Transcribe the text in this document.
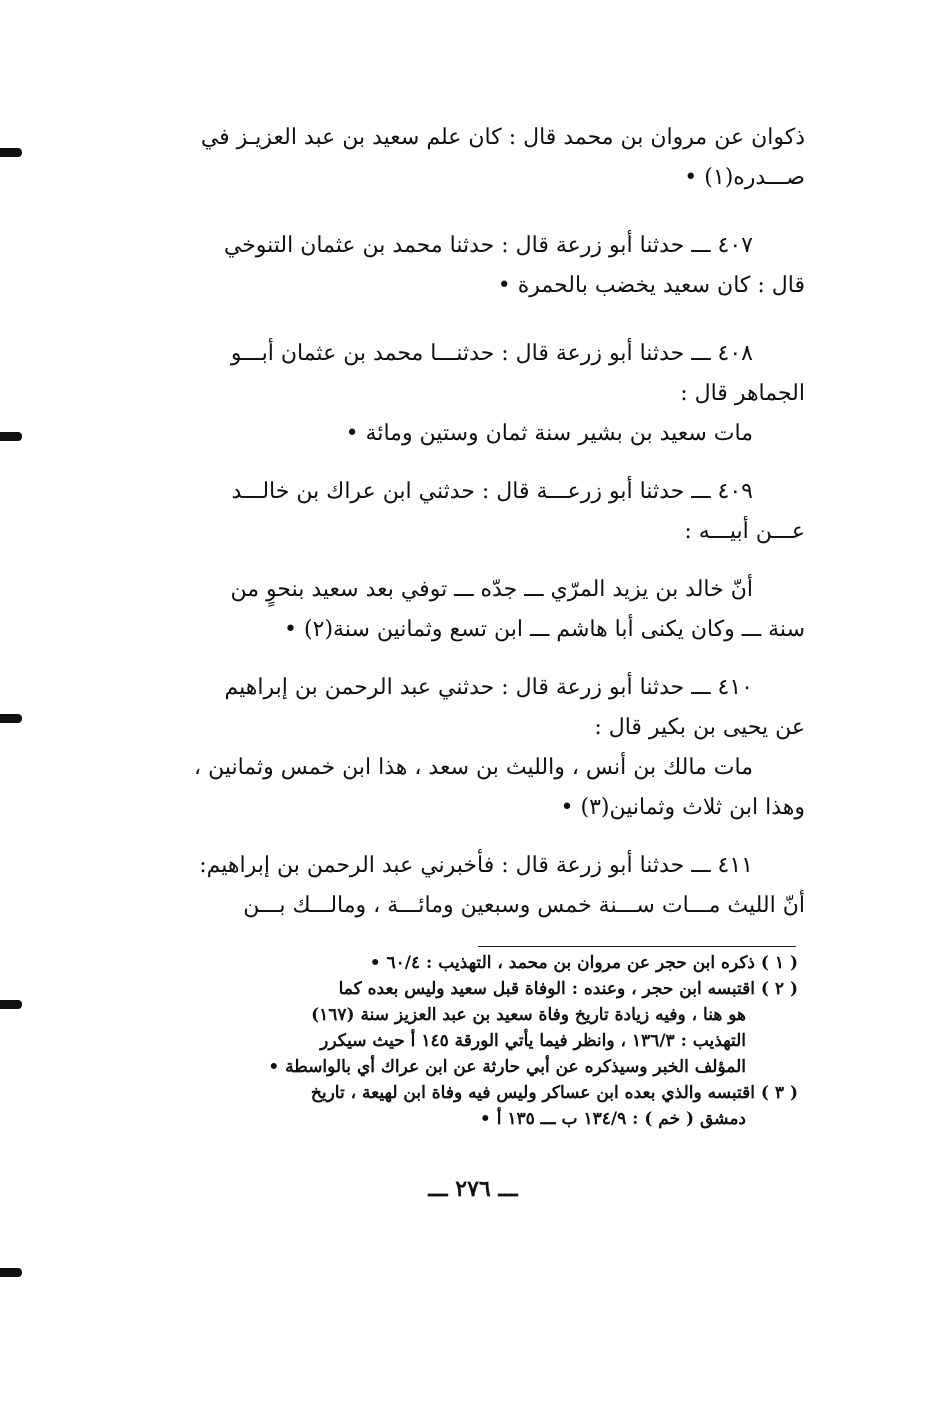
ذكوان عن مروان بن محمد قال : كان علم سعيد بن عبد العزيـز في
صـــدره(١) •
٤٠٧ ـــ حدثنا أبو زرعة قال : حدثنا محمد بن عثمان التنوخي
قال : كان سعيد يخضب بالحمرة •
٤٠٨ ـــ حدثنا أبو زرعة قال : حدثنـــا محمد بن عثمان أبـــو
الجماهر قال :
مات سعيد بن بشير سنة ثمان وستين ومائة •
٤٠٩ ـــ حدثنا أبو زرعـــة قال : حدثني ابن عراك بن خالـــد
عـــن أبيـــه :
أنّ خالد بن يزيد المرّي ـــ جدّه ـــ توفي بعد سعيد بنحوٍ من
سنة ـــ وكان يكنى أبا هاشم ـــ ابن تسع وثمانين سنة(٢) •
٤١٠ ـــ حدثنا أبو زرعة قال : حدثني عبد الرحمن بن إبراهيم
عن يحيى بن بكير قال :
مات مالك بن أنس ، والليث بن سعد ، هذا ابن خمس وثمانين ،
وهذا ابن ثلاث وثمانين(٣) •
٤١١ ـــ حدثنا أبو زرعة قال : فأخبرني عبد الرحمن بن إبراهيم:
أنّ الليث مـــات ســـنة خمس وسبعين ومائـــة ، ومالـــك بـــن
( ١ ) ذكره ابن حجر عن مروان بن محمد ، التهذيب : ٦٠/٤ •
( ٢ ) اقتبسه ابن حجر ، وعنده : الوفاة قبل سعيد وليس بعده كما
هو هنا ، وفيه زيادة تاريخ وفاة سعيد بن عبد العزيز سنة (١٦٧)
التهذيب : ١٣٦/٣ ، وانظر فيما يأتي الورقة ١٤٥ أ حيث سيكرر
المؤلف الخبر وسيذكره عن أبي حارثة عن ابن عراك أي بالواسطة •
( ٣ ) اقتبسه والذي بعده ابن عساكر وليس فيه وفاة ابن لهيعة ، تاريخ
دمشق ( خم ) : ١٣٤/٩ ب ـــ ١٣٥ أ •
ـــ ٢٧٦ ـــ
